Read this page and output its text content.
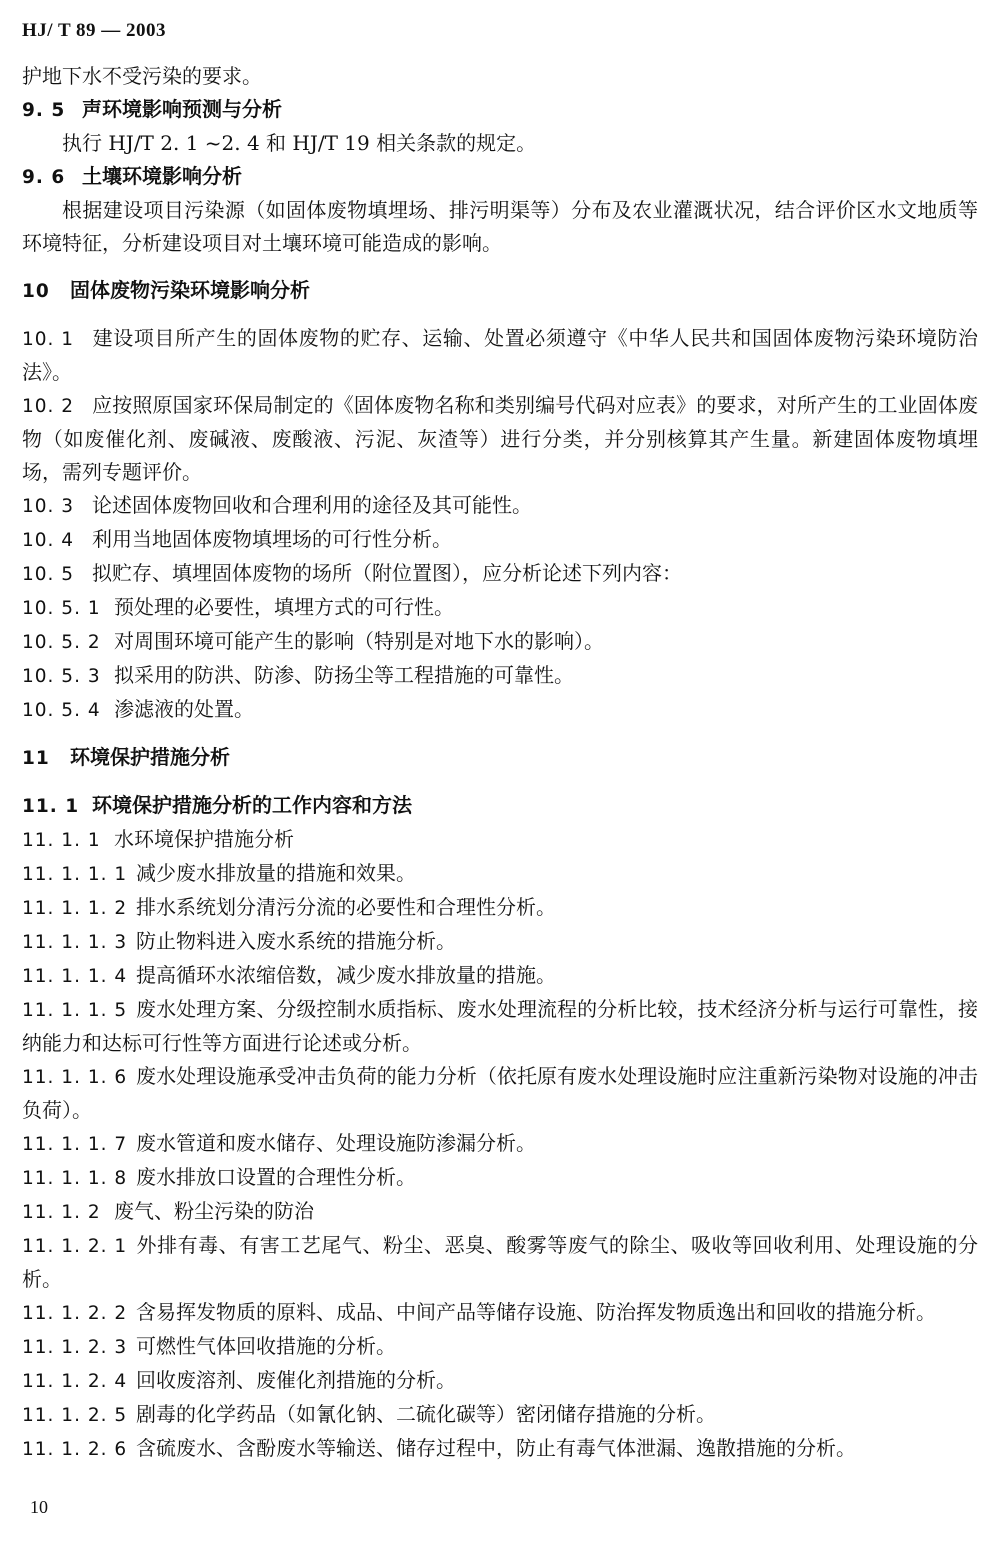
HJ/ T 89 — 2003
护地下水不受污染的要求。
9. 5 声环境影响预测与分析
执行 HJ/T 2. 1 ~2. 4 和 HJ/T 19 相关条款的规定。
9. 6 土壤环境影响分析
根据建设项目污染源（如固体废物填埋场、排污明渠等）分布及农业灌溉状况，结合评价区水文地质等环境特征，分析建设项目对土壤环境可能造成的影响。
10 固体废物污染环境影响分析
10. 1 建设项目所产生的固体废物的贮存、运输、处置必须遵守《中华人民共和国固体废物污染环境防治法》。
10. 2 应按照原国家环保局制定的《固体废物名称和类别编号代码对应表》的要求，对所产生的工业固体废物（如废催化剂、废碱液、废酸液、污泥、灰渣等）进行分类，并分别核算其产生量。新建固体废物填埋场，需列专题评价。
10. 3 论述固体废物回收和合理利用的途径及其可能性。
10. 4 利用当地固体废物填埋场的可行性分析。
10. 5 拟贮存、填埋固体废物的场所（附位置图），应分析论述下列内容：
10. 5. 1 预处理的必要性，填埋方式的可行性。
10. 5. 2 对周围环境可能产生的影响（特别是对地下水的影响）。
10. 5. 3 拟采用的防洪、防渗、防扬尘等工程措施的可靠性。
10. 5. 4 渗滤液的处置。
11 环境保护措施分析
11. 1 环境保护措施分析的工作内容和方法
11. 1. 1 水环境保护措施分析
11. 1. 1. 1 减少废水排放量的措施和效果。
11. 1. 1. 2 排水系统划分清污分流的必要性和合理性分析。
11. 1. 1. 3 防止物料进入废水系统的措施分析。
11. 1. 1. 4 提高循环水浓缩倍数，减少废水排放量的措施。
11. 1. 1. 5 废水处理方案、分级控制水质指标、废水处理流程的分析比较，技术经济分析与运行可靠性，接纳能力和达标可行性等方面进行论述或分析。
11. 1. 1. 6 废水处理设施承受冲击负荷的能力分析（依托原有废水处理设施时应注重新污染物对设施的冲击负荷）。
11. 1. 1. 7 废水管道和废水储存、处理设施防渗漏分析。
11. 1. 1. 8 废水排放口设置的合理性分析。
11. 1. 2 废气、粉尘污染的防治
11. 1. 2. 1 外排有毒、有害工艺尾气、粉尘、恶臭、酸雾等废气的除尘、吸收等回收利用、处理设施的分析。
11. 1. 2. 2 含易挥发物质的原料、成品、中间产品等储存设施、防治挥发物质逸出和回收的措施分析。
11. 1. 2. 3 可燃性气体回收措施的分析。
11. 1. 2. 4 回收废溶剂、废催化剂措施的分析。
11. 1. 2. 5 剧毒的化学药品（如氰化钠、二硫化碳等）密闭储存措施的分析。
11. 1. 2. 6 含硫废水、含酚废水等输送、储存过程中，防止有毒气体泄漏、逸散措施的分析。
10
